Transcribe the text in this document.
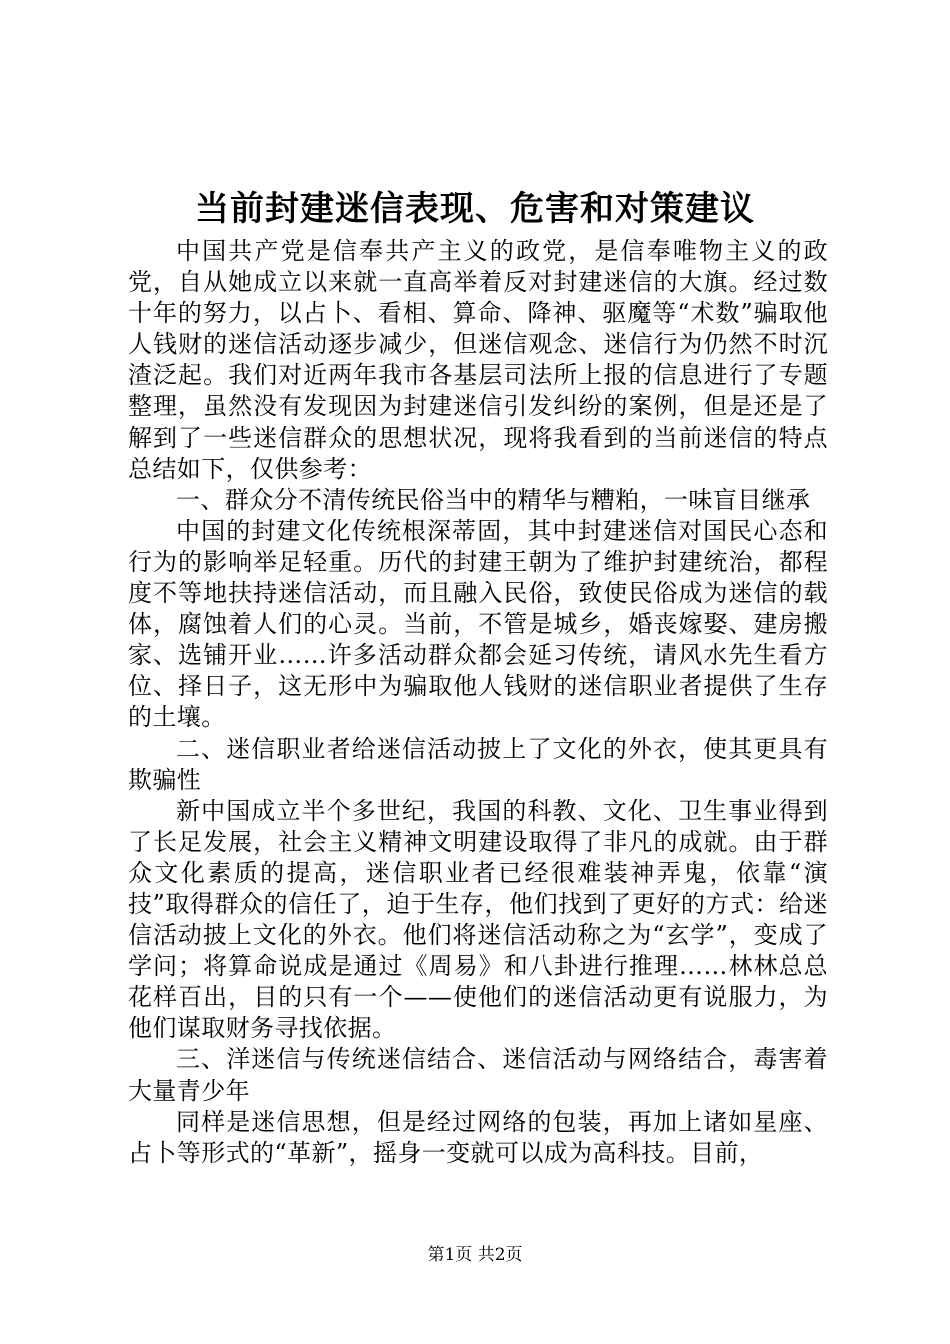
当前封建迷信表现、危害和对策建议

中国共产党是信奉共产主义的政党，是信奉唯物主义的政党，自从她成立以来就一直高举着反对封建迷信的大旗。经过数十年的努力，以占卜、看相、算命、降神、驱魔等“术数”骗取他人钱财的迷信活动逐步减少，但迷信观念、迷信行为仍然不时沉渣泛起。我们对近两年我市各基层司法所上报的信息进行了专题整理，虽然没有发现因为封建迷信引发纠纷的案例，但是还是了解到了一些迷信群众的思想状况，现将我看到的当前迷信的特点总结如下，仅供参考：

一、群众分不清传统民俗当中的精华与糟粕，一味盲目继承

中国的封建文化传统根深蒂固，其中封建迷信对国民心态和行为的影响举足轻重。历代的封建王朝为了维护封建统治，都程度不等地扶持迷信活动，而且融入民俗，致使民俗成为迷信的载体，腐蚀着人们的心灵。当前，不管是城乡，婚丧嫁娶、建房搬家、选铺开业……许多活动群众都会延习传统，请风水先生看方位、择日子，这无形中为骗取他人钱财的迷信职业者提供了生存的土壤。

二、迷信职业者给迷信活动披上了文化的外衣，使其更具有欺骗性

新中国成立半个多世纪，我国的科教、文化、卫生事业得到了长足发展，社会主义精神文明建设取得了非凡的成就。由于群众文化素质的提高，迷信职业者已经很难装神弄鬼，依靠“演技”取得群众的信任了，迫于生存，他们找到了更好的方式：给迷信活动披上文化的外衣。他们将迷信活动称之为“玄学”，变成了学问；将算命说成是通过《周易》和八卦进行推理……林林总总花样百出，目的只有一个——使他们的迷信活动更有说服力，为他们谋取财务寻找依据。

三、洋迷信与传统迷信结合、迷信活动与网络结合，毒害着大量青少年

同样是迷信思想，但是经过网络的包装，再加上诸如星座、占卜等形式的“革新”，摇身一变就可以成为高科技。目前，

第1页 共2页
